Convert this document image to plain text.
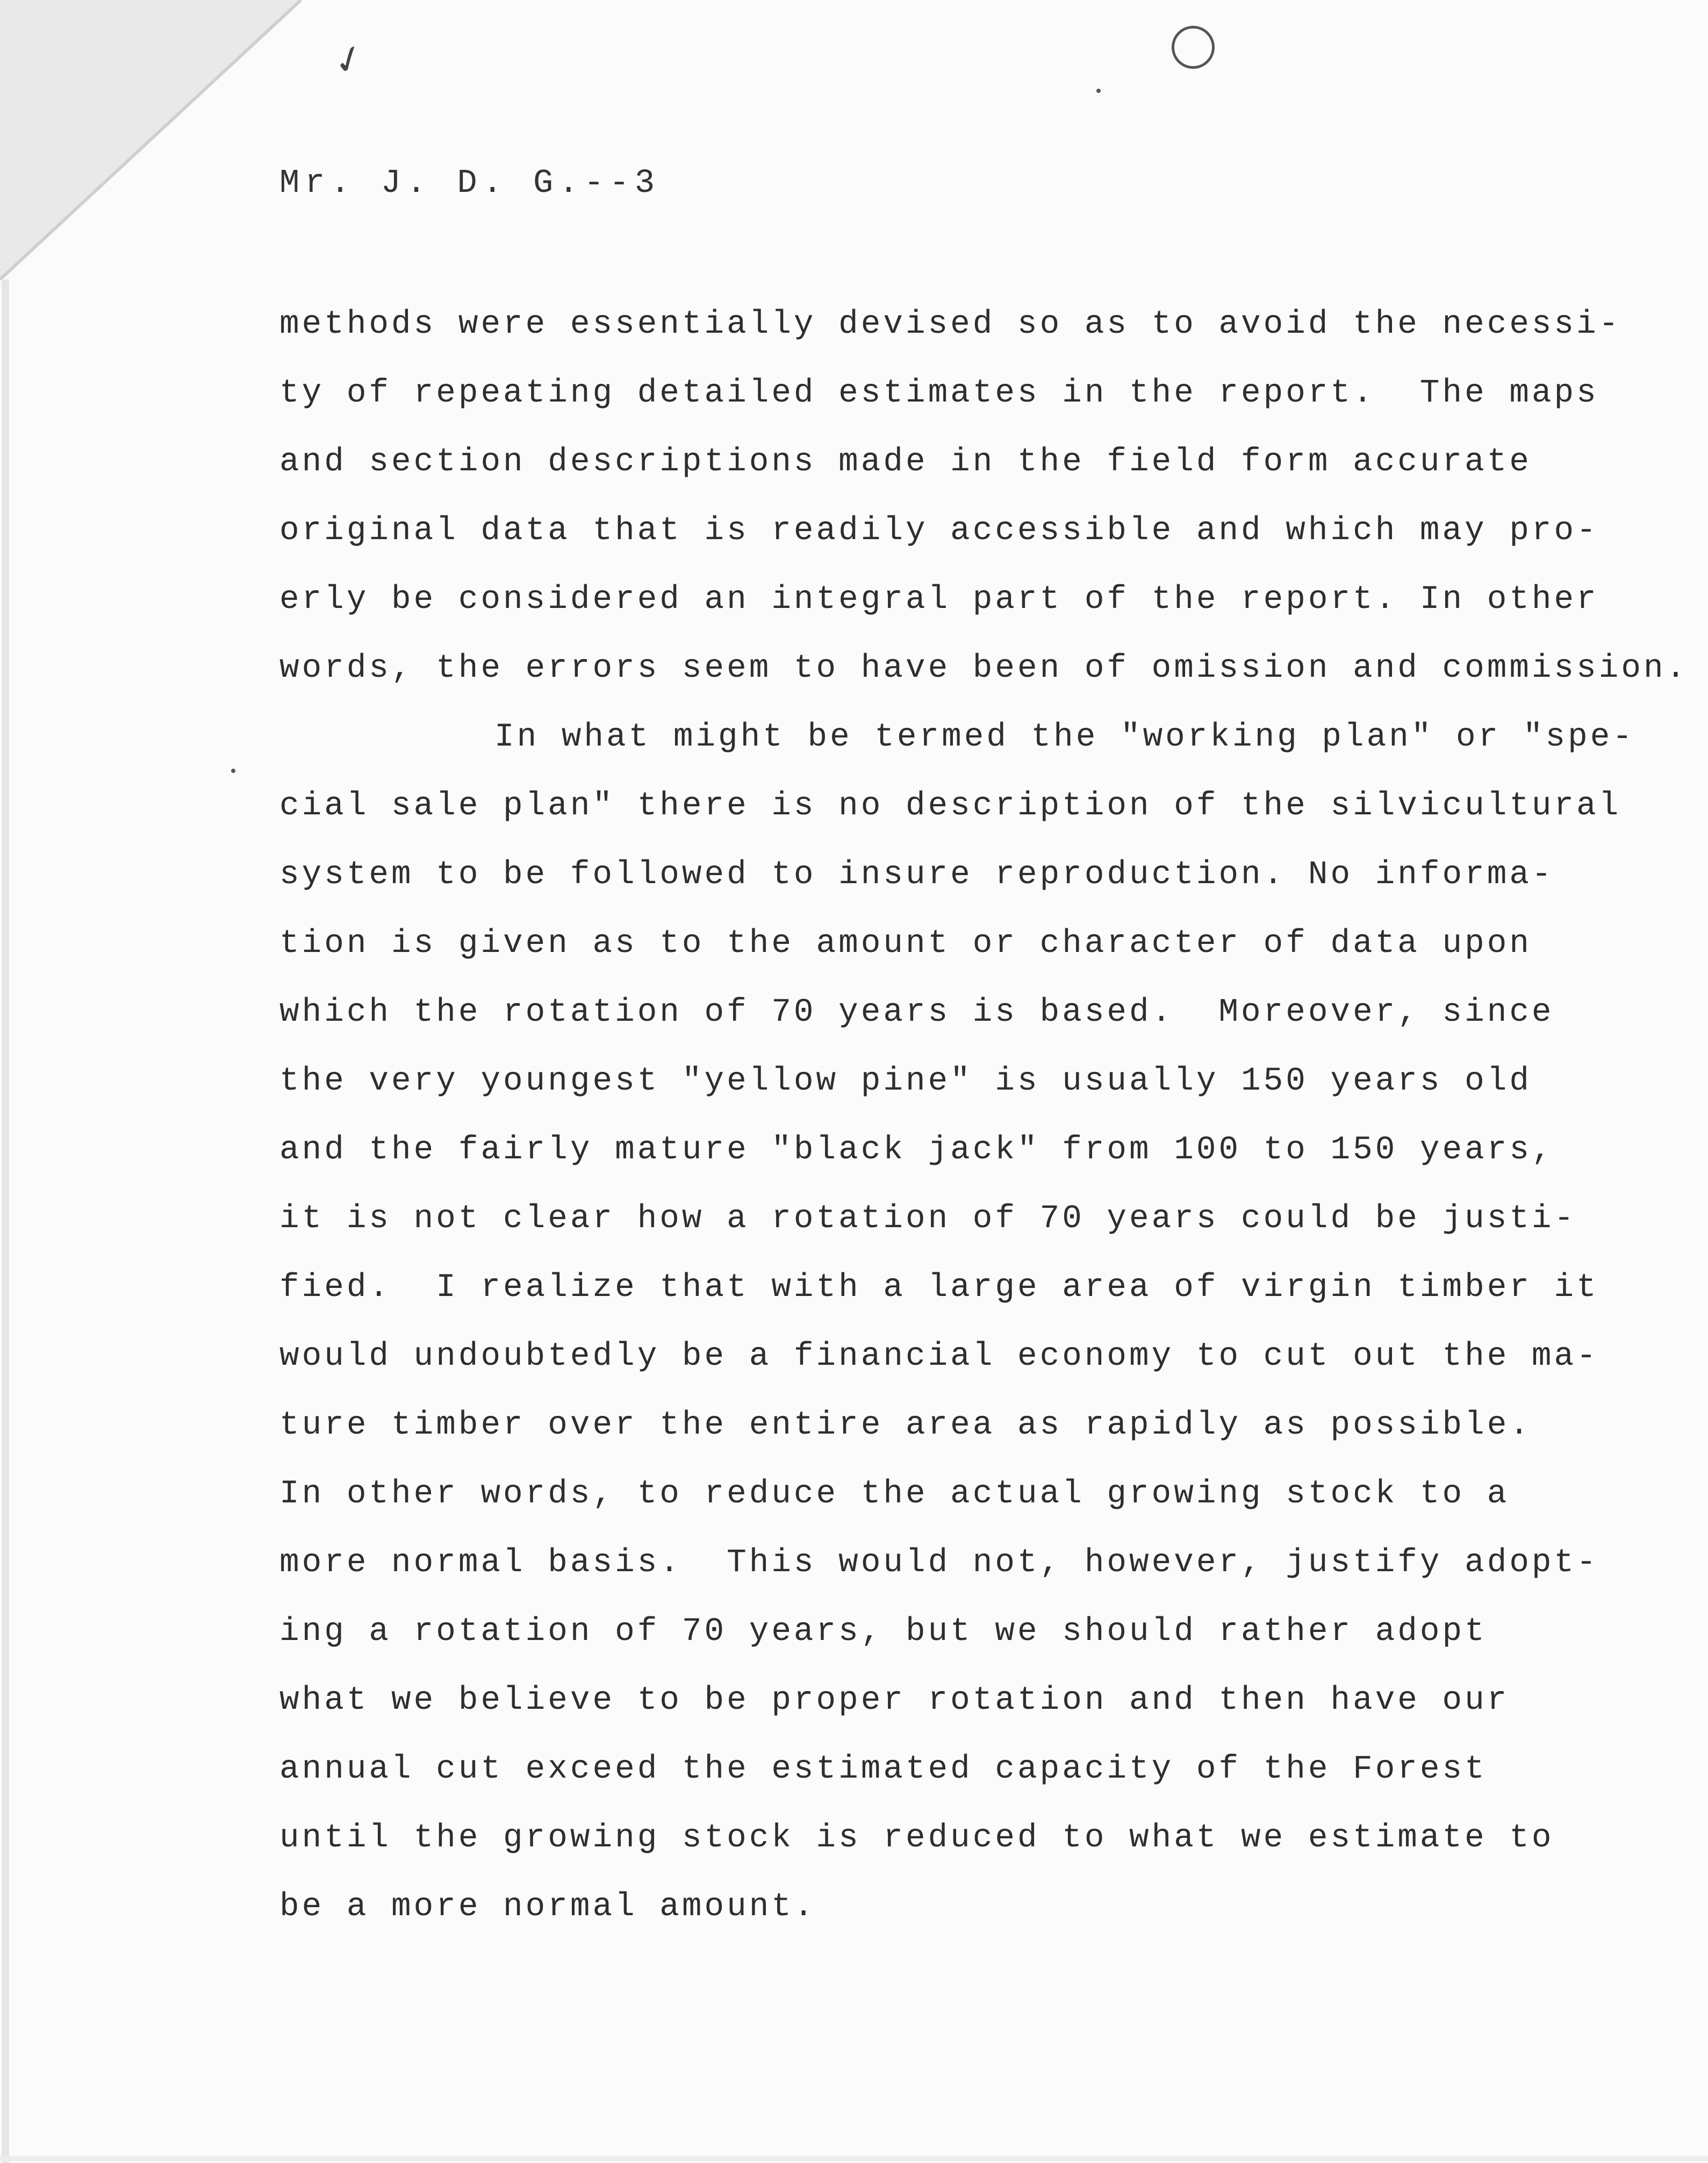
✓
Mr. J. D. G.--3
methods were essentially devised so as to avoid the necessi-
ty of repeating detailed estimates in the report.  The maps
and section descriptions made in the field form accurate
original data that is readily accessible and which may pro-
erly be considered an integral part of the report. In other
words, the errors seem to have been of omission and commission.
In what might be termed the "working plan" or "spe-
cial sale plan" there is no description of the silvicultural
system to be followed to insure reproduction. No informa-
tion is given as to the amount or character of data upon
which the rotation of 70 years is based.  Moreover, since
the very youngest "yellow pine" is usually 150 years old
and the fairly mature "black jack" from 100 to 150 years,
it is not clear how a rotation of 70 years could be justi-
fied.  I realize that with a large area of virgin timber it
would undoubtedly be a financial economy to cut out the ma-
ture timber over the entire area as rapidly as possible.
In other words, to reduce the actual growing stock to a
more normal basis.  This would not, however, justify adopt-
ing a rotation of 70 years, but we should rather adopt
what we believe to be proper rotation and then have our
annual cut exceed the estimated capacity of the Forest
until the growing stock is reduced to what we estimate to
be a more normal amount.
